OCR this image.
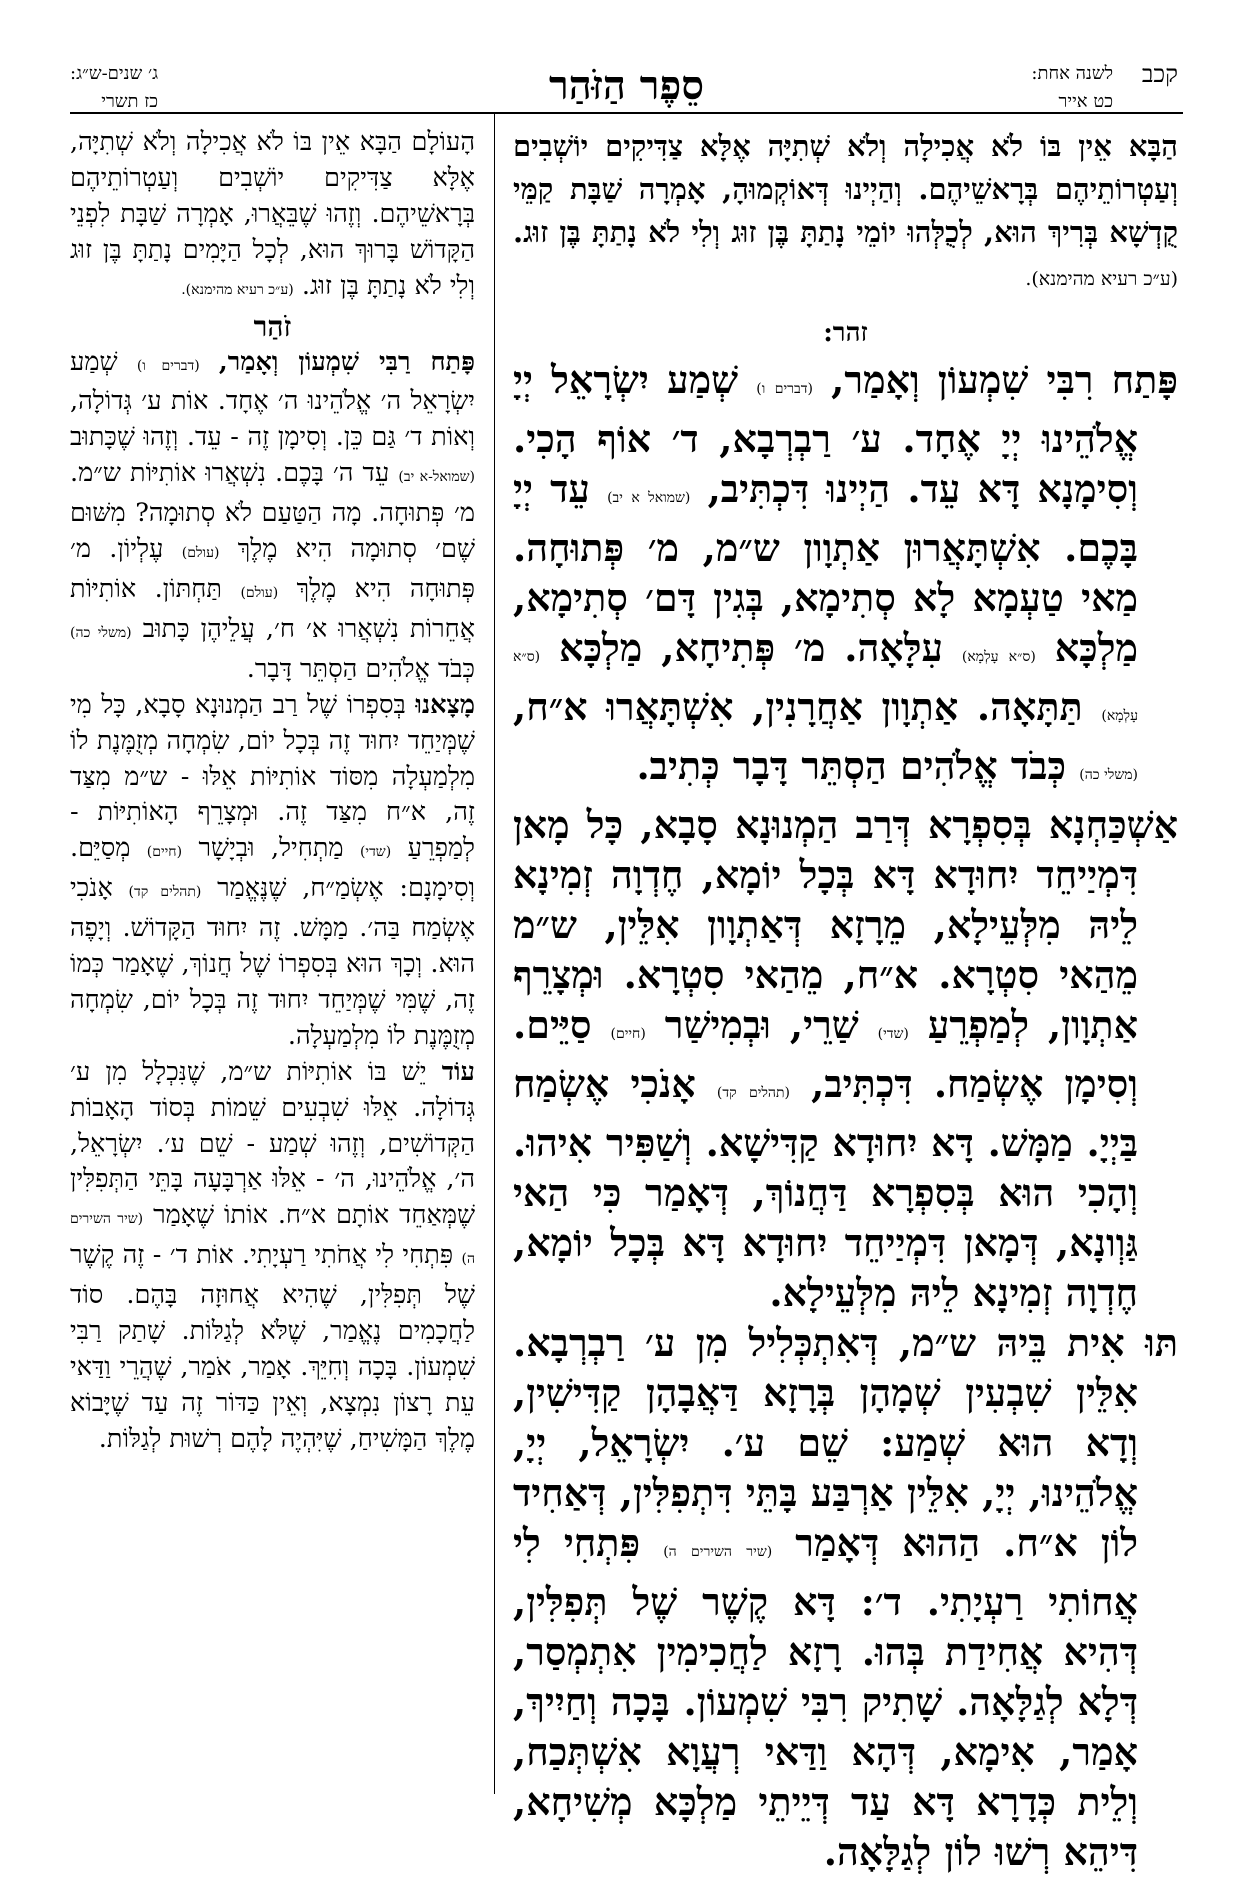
קכב
לשנה אחת:
כט אייר
סֵפֶר הַזֹּהַר
ג׳ שנים-ש״ג:
כז תשרי

הַבָּא אֵין בּוֹ לֹא אֲכִילָה וְלֹא שְׁתִיָּה אֶלָּא צַדִּיקִים יוֹשְׁבִים וְעַטְרוֹתֵיהֶם בְּרָאשֵׁיהֶם. וְהַיְינוּ דְּאוֹקְמוּהָ, אָמְרָה שַׁבָּת קַמֵּי קֻדְשָׁא בְּרִיךְ הוּא, לְכֻלְּהוּ יוֹמֵי נָתַתָּ בֶּן זוּג וְלִי לֹא נָתַתָּ בֶּן זוּג. (ע״כ רעיא מהימנא).

זהר:

פָּתַח רִבִּי שִׁמְעוֹן וְאָמַר, (דברים ו) שְׁמַע יִשְׂרָאֵל יְיָ אֱלֹהֵינוּ יְיָ אֶחָד. ע׳ רַבְרְבָא, ד׳ אוֹף הָכִי. וְסִימָנָא דָּא עֵד. הַיְינוּ דִּכְתִּיב, (שמואל א יב) עֵד יְיָ בָּכֶם. אִשְׁתָּאֲרוּן אַתְוָון ש״מ, מ׳ פְּתוּחָה. מַאי טַעְמָא לָא סְתִימָא, בְּגִין דָּם׳ סְתִימָא, מַלְכָּא (ס״א עָלְמָא) עִלָּאָה. מ׳ פְּתִיחָא, מַלְכָּא (ס״א עָלְמָא) תַּתָּאָה. אַתְוָון אַחֲרָנִין, אִשְׁתָּאֲרוּ א״ח, (משלי כה) כְּבֹד אֱלֹהִים הַסְתֵּר דָּבָר כְּתִיב.

אַשְׁכַּחְנָא בְּסִפְרָא דְּרַב הַמְנוּנָא סָבָא, כָּל מָאן דִּמְיַיחֵד יִחוּדָא דָּא בְּכָל יוֹמָא, חֶדְוָה זְמִינָא לֵיהּ מִלְּעֵילָא, מֵרָזָא דְּאַתְוָון אִלֵּין, ש״מ מֵהַאי סִטְרָא. א״ח, מֵהַאי סִטְרָא. וּמְצָרֵף אַתְוָון, לְמַפְרֵעַ (שדי) שַׁרֵי, וּבְמִישַׁר (חיים) סַיֵּים. וְסִימָן אֶשְׂמַח. דִּכְתִּיב, (תהלים קד) אָנֹכִי אֶשְׂמַח בַּיְיָ. מַמָּשׁ. דָּא יִחוּדָא קַדִּישָׁא. וְשַׁפִּיר אִיהוּ. וְהָכִי הוּא בְּסִפְרָא דַּחֲנוֹךְ, דְּאָמַר כִּי הַאי גַּוְונָא, דְּמָאן דִּמְיַיחֵד יִחוּדָא דָּא בְּכָל יוֹמָא, חֶדְוָה זְמִינָא לֵיהּ מִלְּעֵילָא.

תּוּ אִית בֵּיהּ ש״מ, דְּאִתְכְּלִיל מִן ע׳ רַבְרְבָא. אִלֵּין שִׁבְעִין שְׁמָהָן בְּרָזָא דַּאֲבָהָן קַדִּישִׁין, וְדָא הוּא שְׁמַע: שֵׁם ע׳. יִשְׂרָאֵל, יְיָ, אֱלֹהֵינוּ, יְיָ, אִלֵּין אַרְבַּע בָּתֵּי דִּתְפִלִּין, דְּאַחִיד לוֹן א״ח. הַהוּא דְּאָמַר (שיר השירים ה) פִּתְחִי לִי אֲחוֹתִי רַעְיָתִי. ד׳: דָּא קֶשֶׁר שֶׁל תְּפִלִּין, דְּהִיא אֲחִידַת בְּהוּ. רָזָא לַחֲכִימִין אִתְמְסַר, דְּלָא לְגַלָּאָה. שָׁתִיק רִבִּי שִׁמְעוֹן. בָּכָה וְחַיִיךְ, אָמַר, אִימָא, דְּהָא וַדַּאי רְעֲוָא אִשְׁתְּכַח, וְלֵית כְּדָרָא דָּא עַד דְּיֵיתֵי מַלְכָּא מְשִׁיחָא, דִּיהֵא רְשׁוּ לוֹן לְגַלָּאָה.

הָעוֹלָם הַבָּא אֵין בּוֹ לֹא אֲכִילָה וְלֹא שְׁתִיָּה, אֶלָּא צַדִּיקִים יוֹשְׁבִים וְעַטְרוֹתֵיהֶם בְּרָאשֵׁיהֶם. וְזֶהוּ שֶׁבֵּאֲרוּ, אָמְרָה שַׁבָּת לִפְנֵי הַקָּדוֹשׁ בָּרוּךְ הוּא, לְכָל הַיָּמִים נָתַתָּ בֶּן זוּג וְלִי לֹא נָתַתָּ בֶּן זוּג. (ע״כ רעיא מהימנא).

זֹהַר

פָּתַח רַבִּי שִׁמְעוֹן וְאָמַר, (דברים ו) שְׁמַע יִשְׂרָאֵל ה׳ אֱלֹהֵינוּ ה׳ אֶחָד. אוֹת ע׳ גְּדוֹלָה, וְאוֹת ד׳ גַּם כֵּן. וְסִימָן זֶה - עֵד. וְזֶהוּ שֶׁכָּתוּב (שמואל-א יב) עֵד ה׳ בָּכֶם. נִשְׁאֲרוּ אוֹתִיּוֹת ש״מ. מ׳ פְּתוּחָה. מָה הַטַּעַם לֹא סְתוּמָה? מִשּׁוּם שֶׁם׳ סְתוּמָה הִיא מֶלֶךְ (עולם) עֶלְיוֹן. מ׳ פְּתוּחָה הִיא מֶלֶךְ (עולם) תַּחְתּוֹן. אוֹתִיּוֹת אֲחֵרוֹת נִשְׁאֲרוּ א׳ ח׳, עֲלֵיהֶן כָּתוּב (משלי כה) כְּבֹד אֱלֹהִים הַסְתֵּר דָּבָר.

מָצָאנוּ בְּסִפְרוֹ שֶׁל רַב הַמְנוּנָא סָבָא, כָּל מִי שֶׁמְּיַחֵד יִחוּד זֶה בְּכָל יוֹם, שִׂמְחָה מְזֻמֶּנֶת לוֹ מִלְמַעְלָה מִסּוֹד אוֹתִיּוֹת אֵלּוּ - ש״מ מִצַּד זֶה, א״ח מִצַּד זֶה. וּמְצָרֵף הָאוֹתִיּוֹת - לְמַפְרֵעַ (שדי) מַתְחִיל, וּבְיָשָׁר (חיים) מְסַיֵּם. וְסִימָנָם: אֶשְׂמַ״ח, שֶׁנֶּאֱמַר (תהלים קד) אָנֹכִי אֶשְׂמַח בַּה׳. מַמָּשׁ. זֶה יִחוּד הַקָּדוֹשׁ. וְיָפֶה הוּא. וְכָךְ הוּא בְּסִפְרוֹ שֶׁל חֲנוֹךְ, שֶׁאָמַר כְּמוֹ זֶה, שֶׁמִּי שֶׁמְּיַחֵד יִחוּד זֶה בְּכָל יוֹם, שִׂמְחָה מְזֻמֶּנֶת לוֹ מִלְמַעְלָה.

עוֹד יֵשׁ בּוֹ אוֹתִיּוֹת ש״מ, שֶׁנִּכְלָל מִן ע׳ גְּדוֹלָה. אֵלּוּ שִׁבְעִים שֵׁמוֹת בְּסוֹד הָאָבוֹת הַקְּדוֹשִׁים, וְזֶהוּ שְׁמַע - שֵׁם ע׳. יִשְׂרָאֵל, ה׳, אֱלֹהֵינוּ, ה׳ - אֵלּוּ אַרְבָּעָה בָּתֵּי הַתְּפִלִּין שֶׁמְּאַחֵד אוֹתָם א״ח. אוֹתוֹ שֶׁאָמַר (שיר השירים ה) פִּתְחִי לִי אֲחֹתִי רַעְיָתִי. אוֹת ד׳ - זֶה קֶשֶׁר שֶׁל תְּפִלִּין, שֶׁהִיא אֲחוּזָה בָּהֶם. סוֹד לַחֲכָמִים נֶאֱמַר, שֶׁלֹּא לְגַלּוֹת. שָׁתַק רַבִּי שִׁמְעוֹן. בָּכָה וְחִיֵּךְ. אָמַר, אֹמַר, שֶׁהֲרֵי וַדַּאי עֵת רָצוֹן נִמְצָא, וְאֵין כַּדּוֹר זֶה עַד שֶׁיָּבוֹא מֶלֶךְ הַמָּשִׁיחַ, שֶׁיִּהְיֶה לָהֶם רְשׁוּת לְגַלּוֹת.
